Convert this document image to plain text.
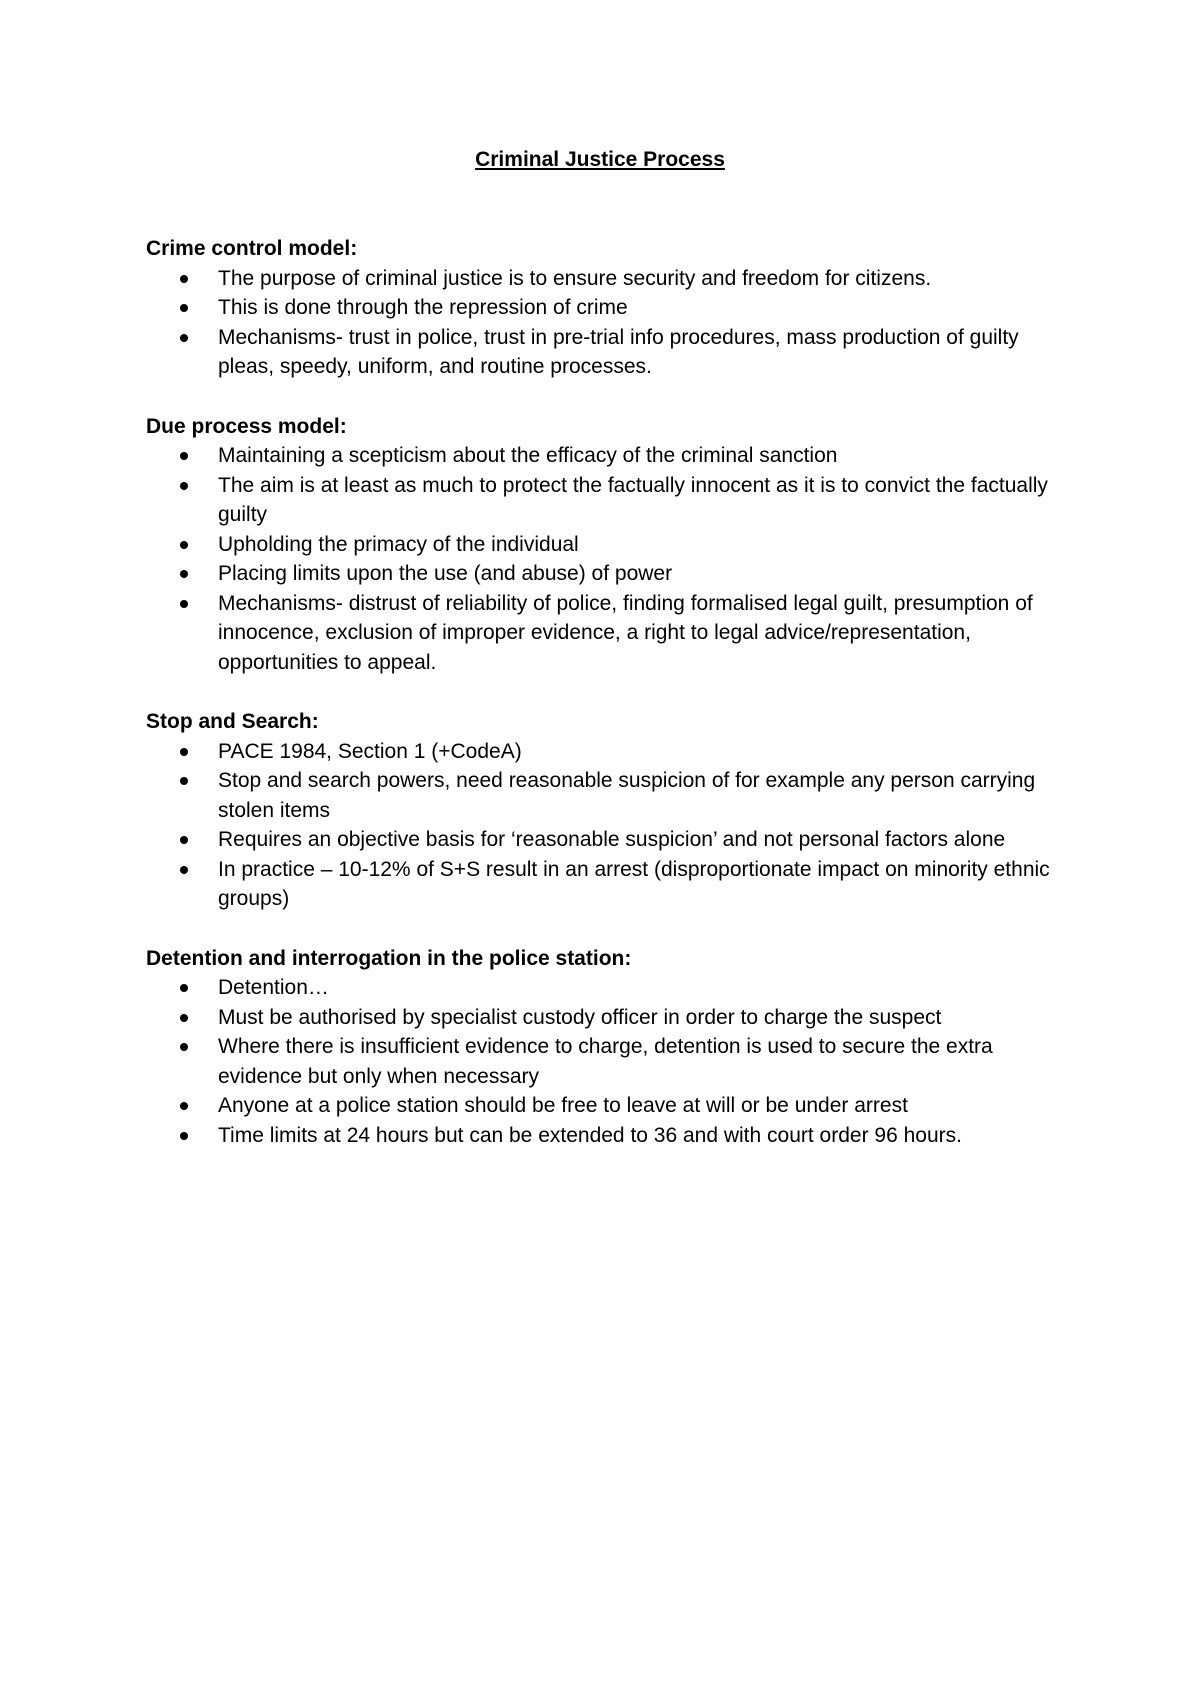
Criminal Justice Process

Crime control model:

The purpose of criminal justice is to ensure security and freedom for citizens.
This is done through the repression of crime
Mechanisms- trust in police, trust in pre-trial info procedures, mass production of guilty pleas, speedy, uniform, and routine processes.

Due process model:

Maintaining a scepticism about the efficacy of the criminal sanction
The aim is at least as much to protect the factually innocent as it is to convict the factually guilty
Upholding the primacy of the individual
Placing limits upon the use (and abuse) of power
Mechanisms- distrust of reliability of police, finding formalised legal guilt, presumption of innocence, exclusion of improper evidence, a right to legal advice/representation, opportunities to appeal.

Stop and Search:

PACE 1984, Section 1 (+CodeA)
Stop and search powers, need reasonable suspicion of for example any person carrying stolen items
Requires an objective basis for ‘reasonable suspicion’ and not personal factors alone
In practice – 10-12% of S+S result in an arrest (disproportionate impact on minority ethnic groups)

Detention and interrogation in the police station:

Detention…
Must be authorised by specialist custody officer in order to charge the suspect
Where there is insufficient evidence to charge, detention is used to secure the extra evidence but only when necessary
Anyone at a police station should be free to leave at will or be under arrest
Time limits at 24 hours but can be extended to 36 and with court order 96 hours.
